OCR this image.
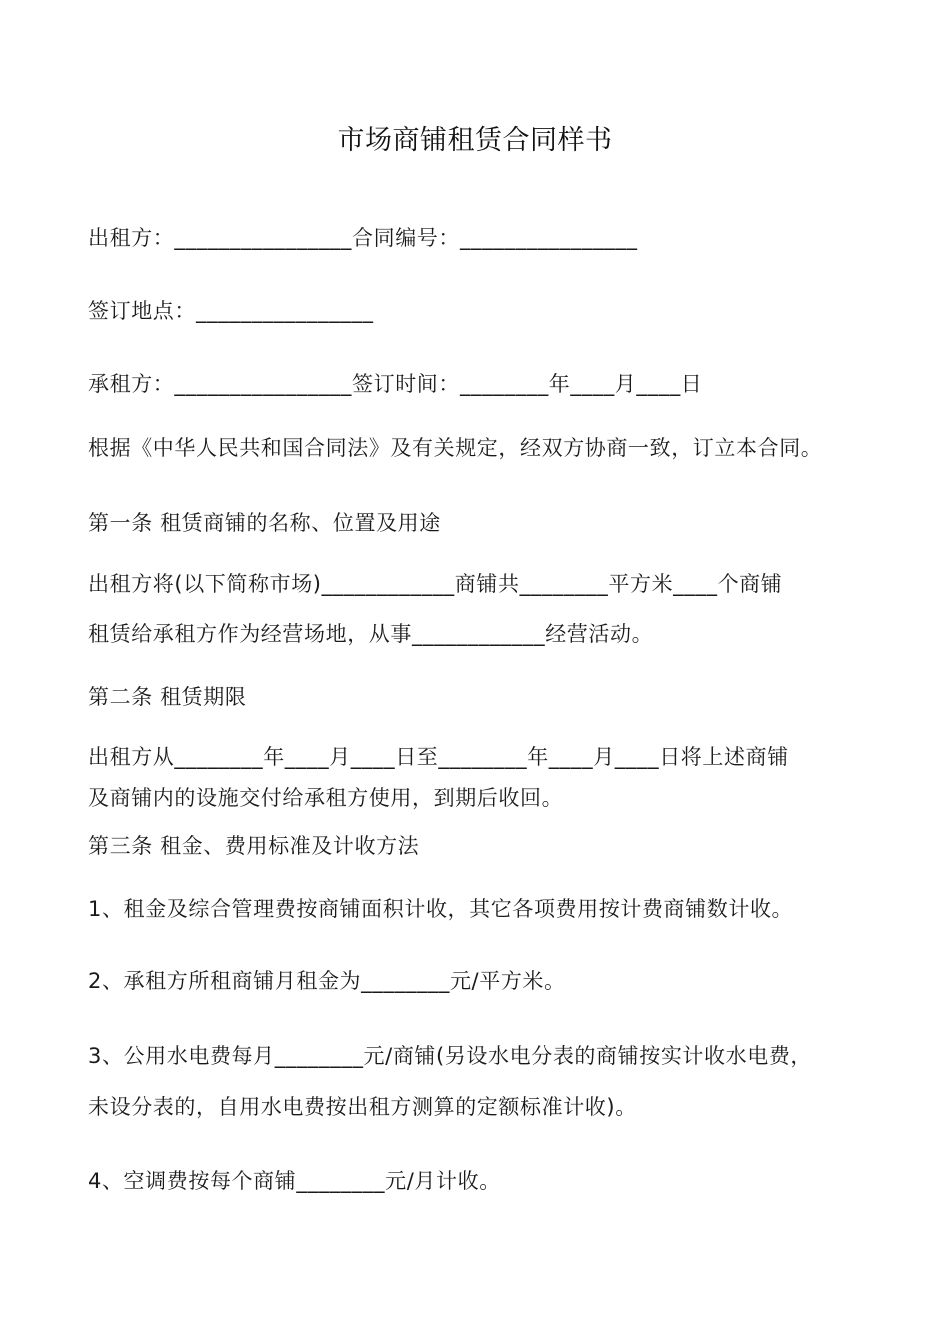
市场商铺租赁合同样书
出租方：________________合同编号：________________
签订地点：________________
承租方：________________签订时间：________年____月____日
根据《中华人民共和国合同法》及有关规定，经双方协商一致，订立本合同。
第一条 租赁商铺的名称、位置及用途
出租方将(以下简称市场)____________商铺共________平方米____个商铺
租赁给承租方作为经营场地，从事____________经营活动。
第二条 租赁期限
出租方从________年____月____日至________年____月____日将上述商铺
及商铺内的设施交付给承租方使用，到期后收回。
第三条 租金、费用标准及计收方法
1、租金及综合管理费按商铺面积计收，其它各项费用按计费商铺数计收。
2、承租方所租商铺月租金为________元/平方米。
3、公用水电费每月________元/商铺(另设水电分表的商铺按实计收水电费，
未设分表的，自用水电费按出租方测算的定额标准计收)。
4、空调费按每个商铺________元/月计收。
